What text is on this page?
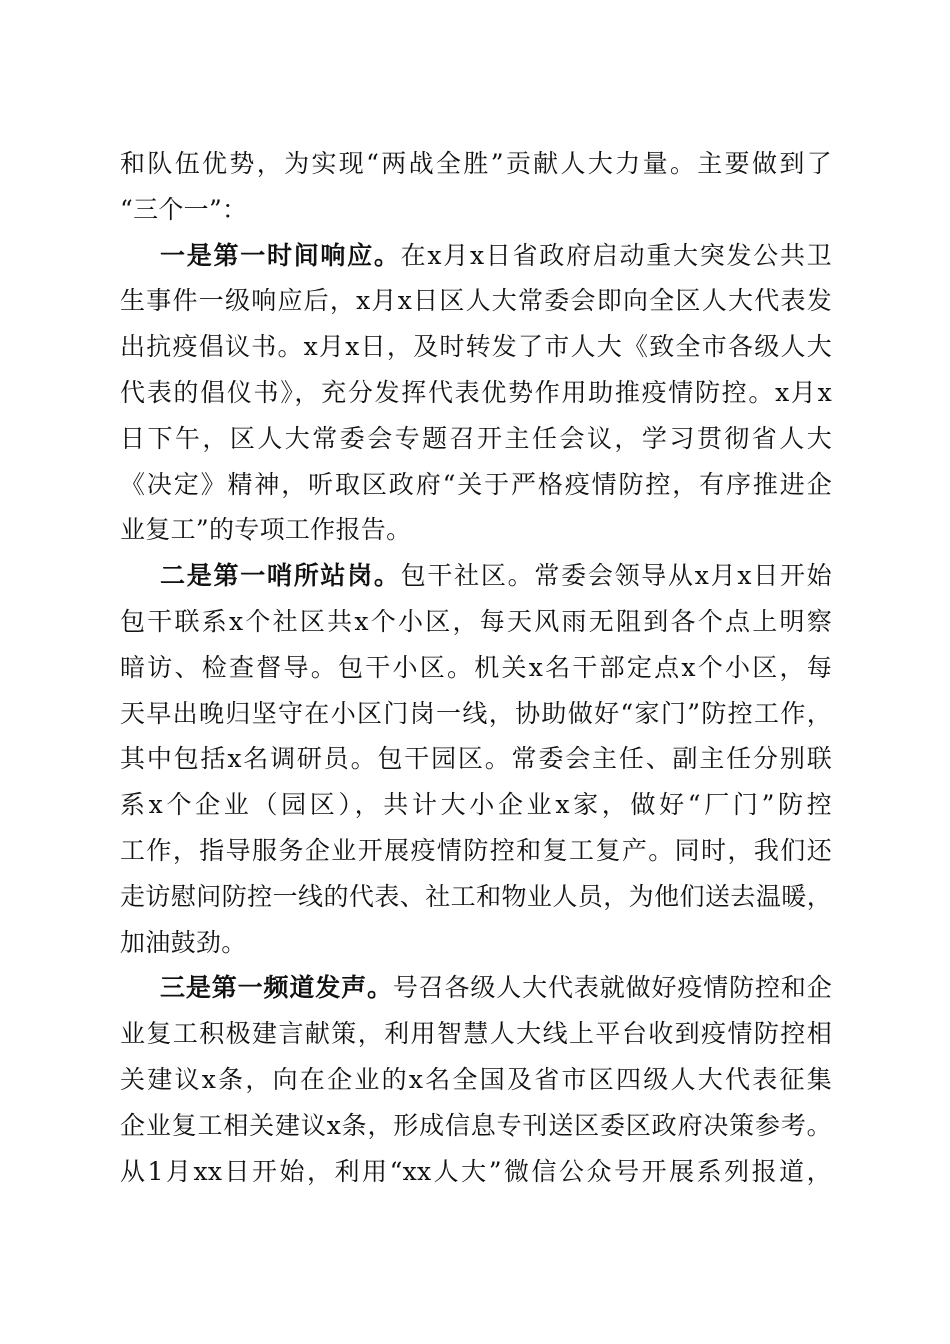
和队伍优势，为实现“两战全胜”贡献人大力量。主要做到了
“三个一”：
一是第一时间响应。在x月x日省政府启动重大突发公共卫
生事件一级响应后，x月x日区人大常委会即向全区人大代表发
出抗疫倡议书。x月x日，及时转发了市人大《致全市各级人大
代表的倡仪书》，充分发挥代表优势作用助推疫情防控。x月x
日下午，区人大常委会专题召开主任会议，学习贯彻省人大
《决定》精神，听取区政府“关于严格疫情防控，有序推进企
业复工”的专项工作报告。
二是第一哨所站岗。包干社区。常委会领导从x月x日开始
包干联系x个社区共x个小区，每天风雨无阻到各个点上明察
暗访、检查督导。包干小区。机关x名干部定点x个小区，每
天早出晚归坚守在小区门岗一线，协助做好“家门”防控工作，
其中包括x名调研员。包干园区。常委会主任、副主任分别联
系x个企业（园区），共计大小企业x家，做好“厂门”防控
工作，指导服务企业开展疫情防控和复工复产。同时，我们还
走访慰问防控一线的代表、社工和物业人员，为他们送去温暖，
加油鼓劲。
三是第一频道发声。号召各级人大代表就做好疫情防控和企
业复工积极建言献策，利用智慧人大线上平台收到疫情防控相
关建议x条，向在企业的x名全国及省市区四级人大代表征集
企业复工相关建议x条，形成信息专刊送区委区政府决策参考。
从1月xx日开始，利用“xx人大”微信公众号开展系列报道，
